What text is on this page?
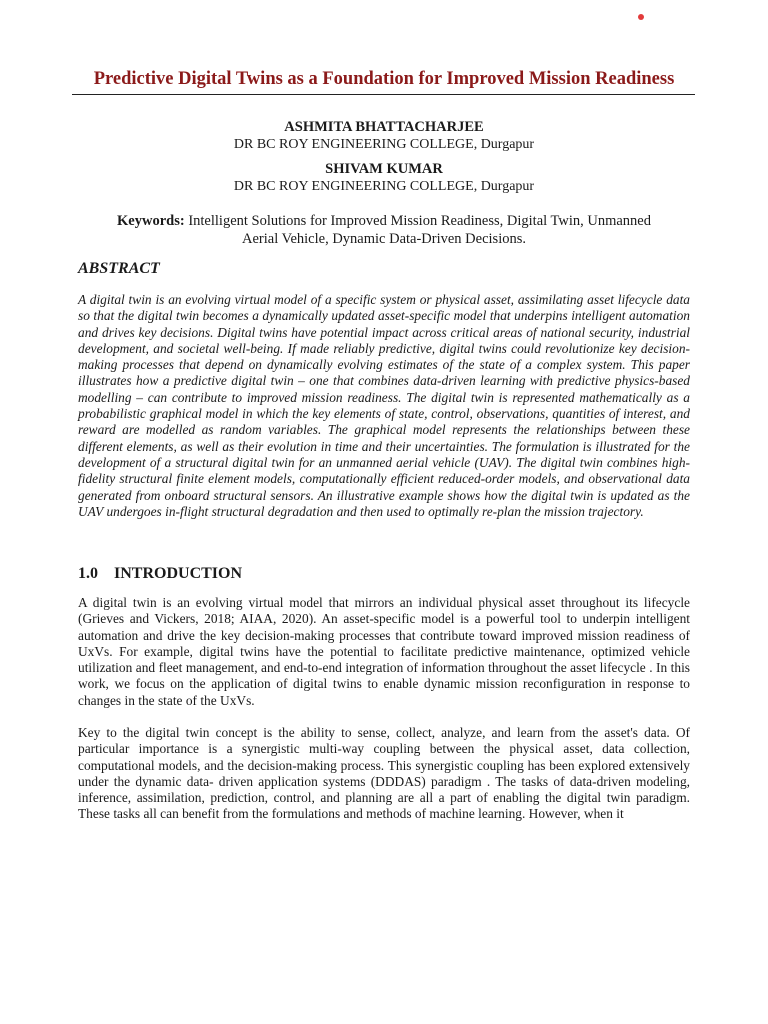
Predictive Digital Twins as a Foundation for Improved Mission Readiness
ASHMITA BHATTACHARJEE
DR BC ROY ENGINEERING COLLEGE, Durgapur
SHIVAM KUMAR
DR BC ROY ENGINEERING COLLEGE, Durgapur
Keywords: Intelligent Solutions for Improved Mission Readiness, Digital Twin, Unmanned Aerial Vehicle, Dynamic Data-Driven Decisions.
ABSTRACT
A digital twin is an evolving virtual model of a specific system or physical asset, assimilating asset lifecycle data so that the digital twin becomes a dynamically updated asset-specific model that underpins intelligent automation and drives key decisions. Digital twins have potential impact across critical areas of national security, industrial development, and societal well-being. If made reliably predictive, digital twins could revolutionize key decision- making processes that depend on dynamically evolving estimates of the state of a complex system. This paper illustrates how a predictive digital twin – one that combines data-driven learning with predictive physics-based modelling – can contribute to improved mission readiness. The digital twin is represented mathematically as a probabilistic graphical model in which the key elements of state, control, observations, quantities of interest, and reward are modelled as random variables. The graphical model represents the relationships between these different elements, as well as their evolution in time and their uncertainties. The formulation is illustrated for the development of a structural digital twin for an unmanned aerial vehicle (UAV). The digital twin combines high- fidelity structural finite element models, computationally efficient reduced-order models, and observational data generated from onboard structural sensors. An illustrative example shows how the digital twin is updated as the UAV undergoes in-flight structural degradation and then used to optimally re-plan the mission trajectory.
1.0 INTRODUCTION
A digital twin is an evolving virtual model that mirrors an individual physical asset throughout its lifecycle (Grieves and Vickers, 2018; AIAA, 2020). An asset-specific model is a powerful tool to underpin intelligent automation and drive the key decision-making processes that contribute toward improved mission readiness of UxVs. For example, digital twins have the potential to facilitate predictive maintenance, optimized vehicle utilization and fleet management, and end-to-end integration of information throughout the asset lifecycle . In this work, we focus on the application of digital twins to enable dynamic mission reconfiguration in response to changes in the state of the UxVs.
Key to the digital twin concept is the ability to sense, collect, analyze, and learn from the asset's data. Of particular importance is a synergistic multi-way coupling between the physical asset, data collection, computational models, and the decision-making process. This synergistic coupling has been explored extensively under the dynamic data- driven application systems (DDDAS) paradigm . The tasks of data-driven modeling, inference, assimilation, prediction, control, and planning are all a part of enabling the digital twin paradigm. These tasks all can benefit from the formulations and methods of machine learning. However, when it
